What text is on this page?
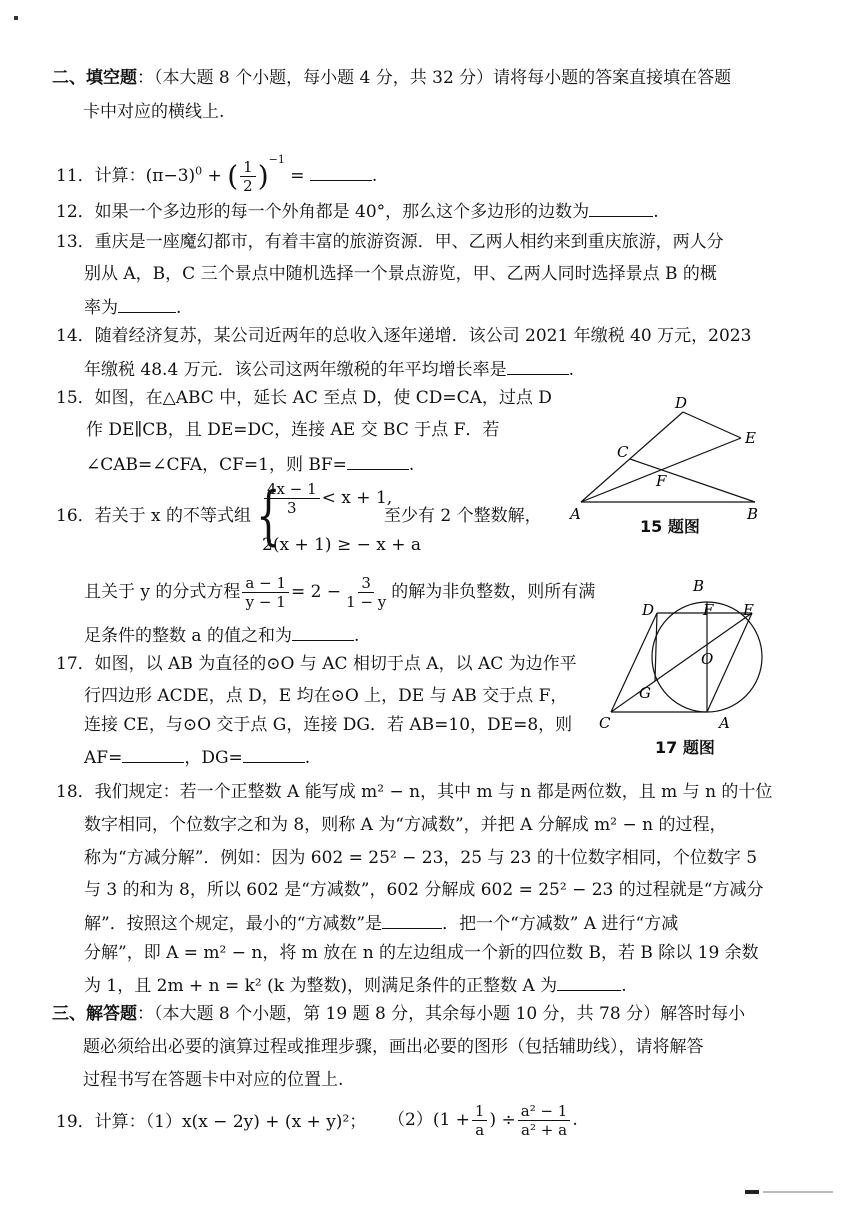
二、填空题：（本大题 8 个小题，每小题 4 分，共 32 分）请将每小题的答案直接填在答题
卡中对应的横线上.
11．计算：$(\pi-3)^0$ + ( $\frac{1}{2} )^{-1}$ =	.
12．如果一个多边形的每一个外角都是 40°，那么这个多边形的边数为	.
13．重庆是一座魔幻都市，有着丰富的旅游资源．甲、乙两人相约来到重庆旅游，两人分
别从 A，B，C 三个景点中随机选择一个景点游览，甲、乙两人同时选择景点 B 的概
率为	.
14．随着经济复苏，某公司近两年的总收入逐年递增．该公司 2021 年缴税 40 万元，2023
年缴税 48.4 万元．该公司这两年缴税的年平均增长率是	.
15．如图，在△ABC 中，延长 AC 至点 D，使 CD=CA，过点 D
作 DE∥CB，且 DE=DC，连接 AE 交 BC 于点 F．若
∠CAB=∠CFA，CF=1，则 BF=	.
D
E
C
F
A	B
15 题图
16．若关于 x 的不等式组 {
$\frac{4x - 1}{3} < x + 1$,
2(x + 1) ≥ − x + a
至少有 2 个整数解，
且关于 y 的分式方程 $\frac{a - 1}{y - 1} = 2 - \frac{3}{1 - y}$ 的解为非负整数，则所有满
足条件的整数 a 的值之和为	.
B
D	F E
O
G
C	A
17 题图
17．如图，以 AB 为直径的⊙O 与 AC 相切于点 A，以 AC 为边作平
行四边形 ACDE，点 D，E 均在⊙O 上，DE 与 AB 交于点 F，
连接 CE，与⊙O 交于点 G，连接 DG．若 AB=10，DE=8，则
AF=	，DG=	.
18．我们规定：若一个正整数 A 能写成 m² − n，其中 m 与 n 都是两位数，且 m 与 n 的十位
数字相同，个位数字之和为 8，则称 A 为“方减数”，并把 A 分解成 m² − n 的过程，
称为“方减分解”．例如：因为 602 = 25² − 23，25 与 23 的十位数字相同，个位数字 5
与 3 的和为 8，所以 602 是“方减数”，602 分解成 602 = 25² − 23 的过程就是“方减分
解”．按照这个规定，最小的“方减数”是	．把一个“方减数” A 进行“方减
分解”，即 A = m² − n，将 m 放在 n 的左边组成一个新的四位数 B，若 B 除以 19 余数
为 1，且 2m + n = k² (k 为整数)，则满足条件的正整数 A 为	.
三、解答题：（本大题 8 个小题，第 19 题 8 分，其余每小题 10 分，共 78 分）解答时每小
题必须给出必要的演算过程或推理步骤，画出必要的图形（包括辅助线），请将解答
过程书写在答题卡中对应的位置上.
19．计算：（1）x(x − 2y) + (x + y)²； $(2)(1 + \frac{1}{a}$ ) ÷ $\frac{\text{a² − 1}}{\text{a² + a}}$ .
